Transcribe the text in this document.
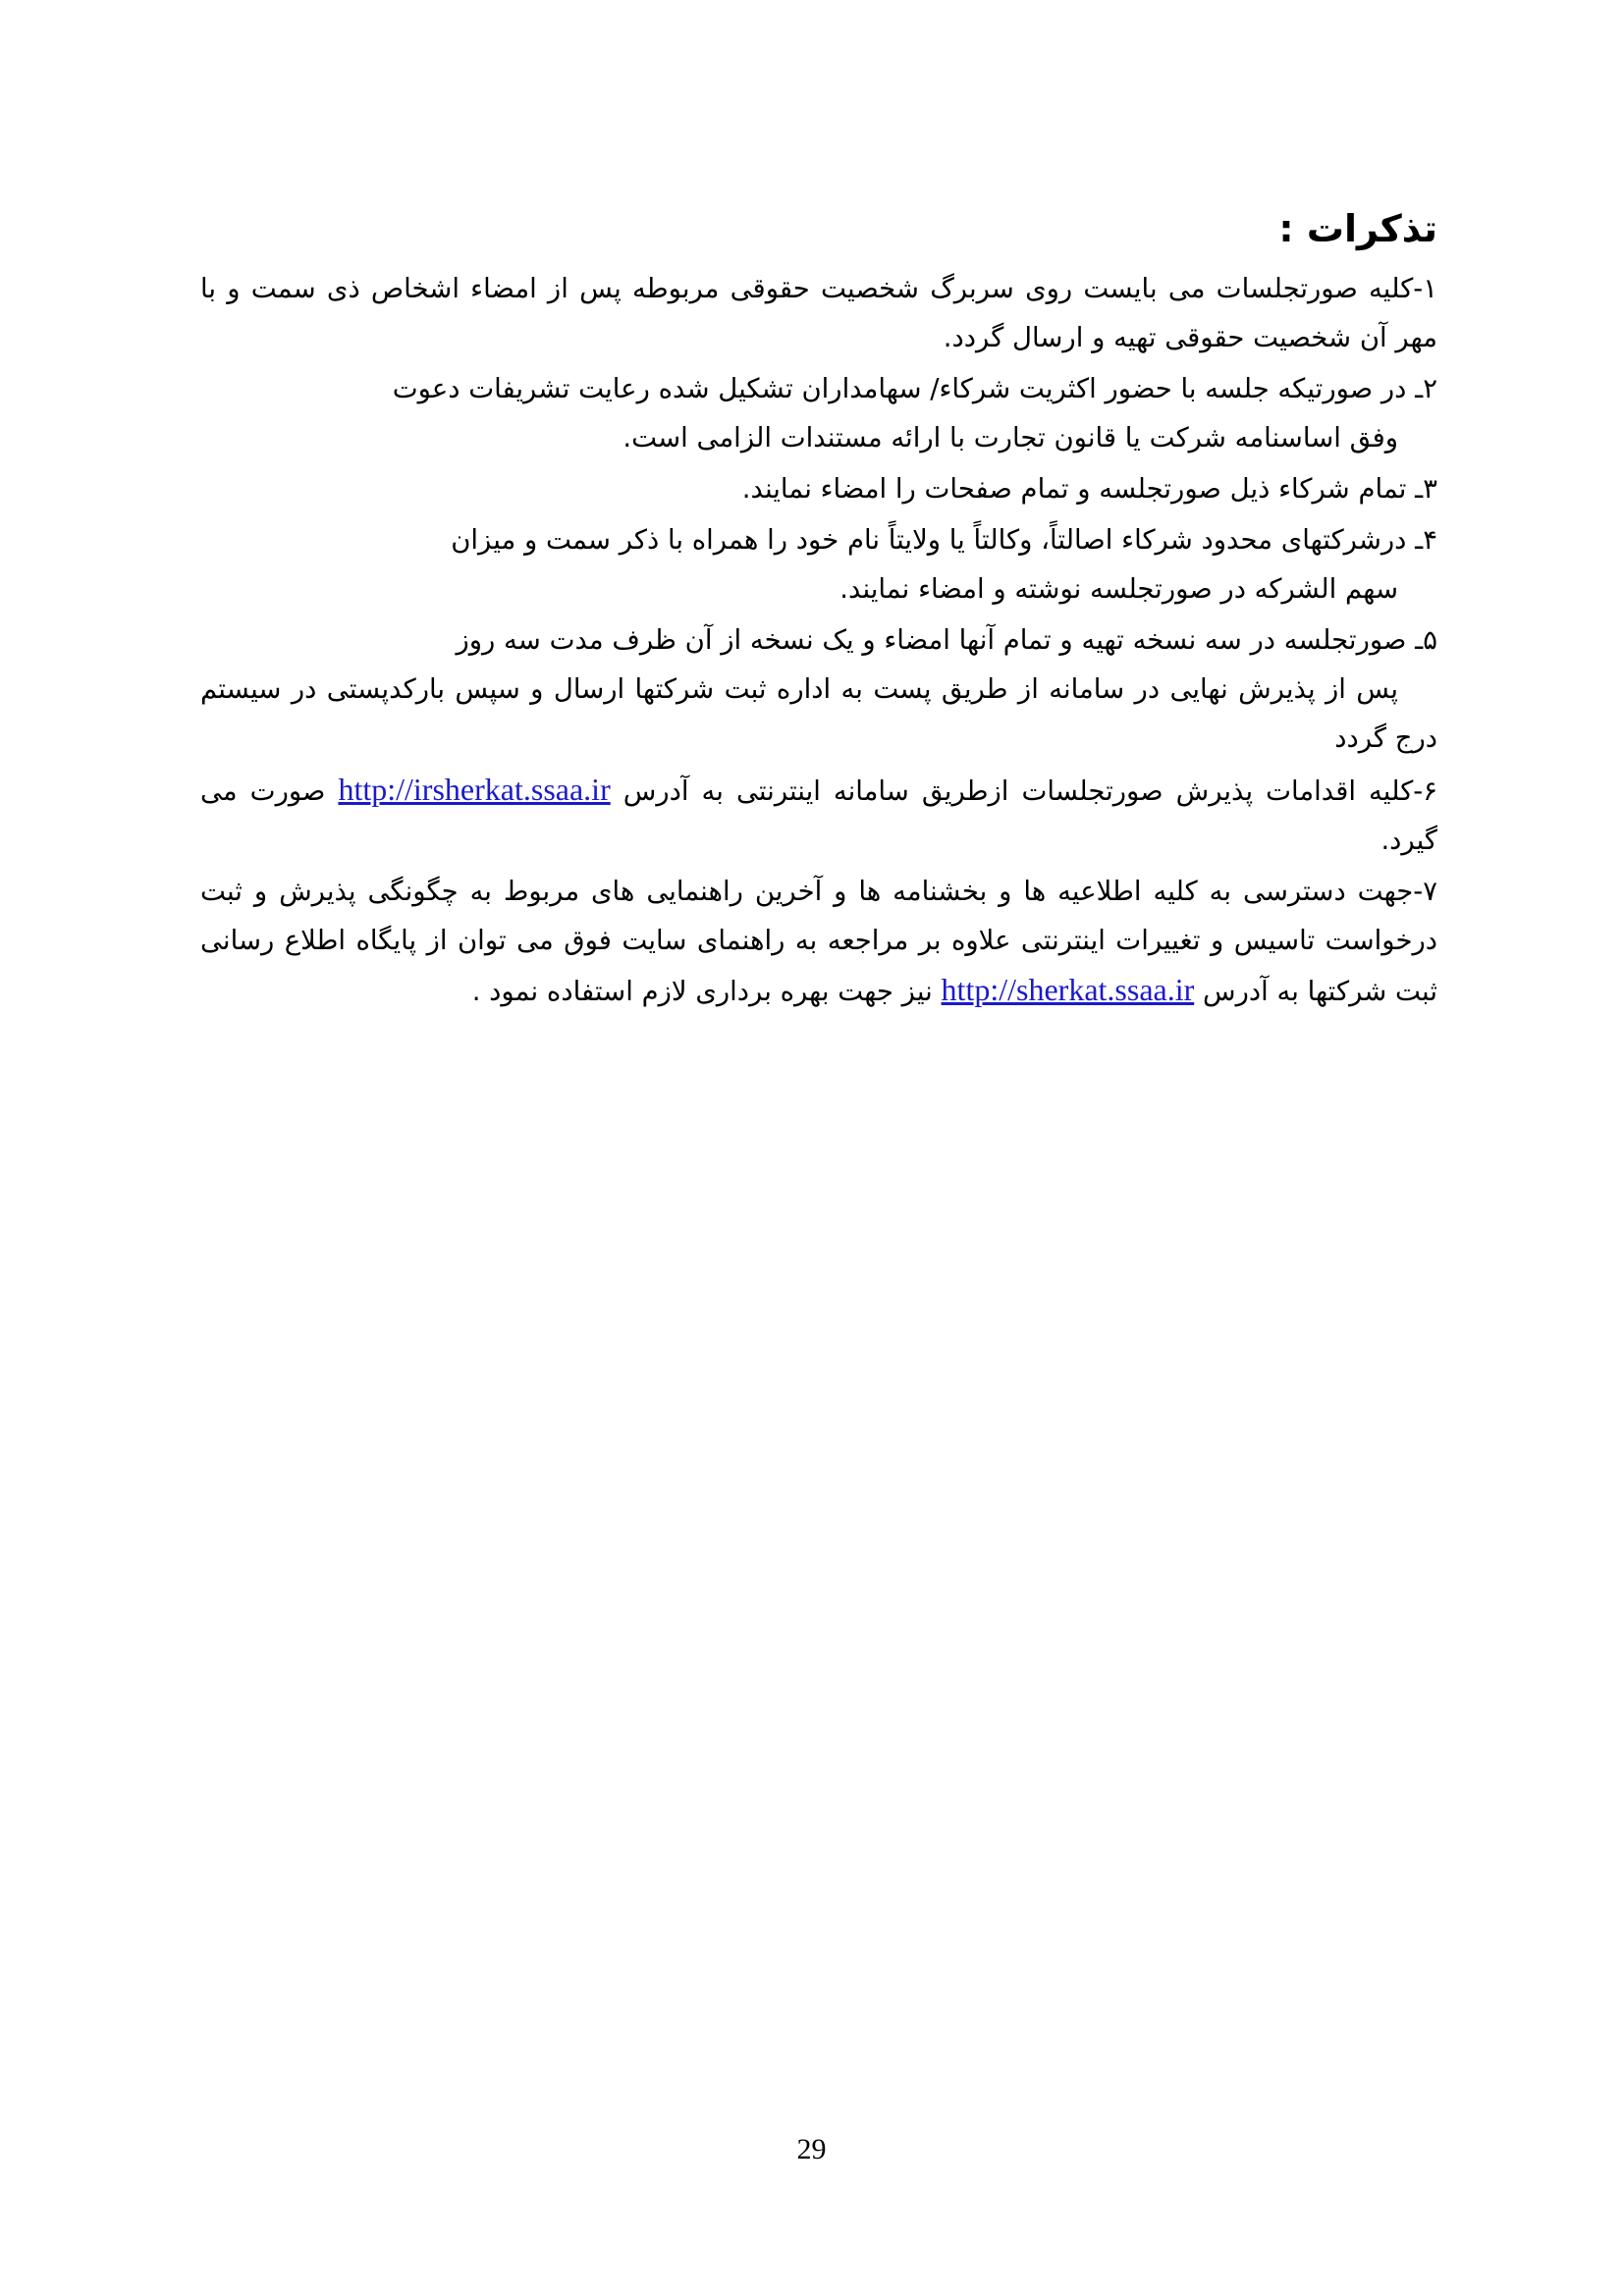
تذکرات :

۱-کلیه صورتجلسات می بایست روی سربرگ شخصیت حقوقی مربوطه پس از امضاء اشخاص ذی سمت و با مهر آن شخصیت حقوقی تهیه و ارسال گردد.

۲ـ در صورتیکه جلسه با حضور اکثریت شرکاء/ سهامداران تشکیل شده رعایت تشریفات دعوت
وفق اساسنامه شرکت یا قانون تجارت با ارائه مستندات الزامی است.

۳ـ تمام شرکاء ذیل صورتجلسه و تمام صفحات را امضاء نمایند.

۴ـ درشرکتهای محدود شرکاء اصالتاً، وکالتاً یا ولایتاً نام خود را همراه با ذکر سمت و میزان
سهم الشرکه در صورتجلسه نوشته و امضاء نمایند.

۵ـ صورتجلسه در سه نسخه تهیه و تمام آنها امضاء و یک نسخه از آن ظرف مدت سه روز
پس از پذیرش نهایی در سامانه از طریق پست به اداره ثبت شرکتها ارسال و سپس بارکدپستی در سیستم درج گردد

۶-کلیه اقدامات پذیرش صورتجلسات ازطریق سامانه اینترنتی به آدرس http://irsherkat.ssaa.ir صورت می گیرد.

۷-جهت دسترسی به کلیه اطلاعیه ها و بخشنامه ها و آخرین راهنمایی های مربوط به چگونگی پذیرش و ثبت درخواست تاسیس و تغییرات اینترنتی علاوه بر مراجعه به راهنمای سایت فوق می توان از پایگاه اطلاع رسانی ثبت شرکتها به آدرس http://sherkat.ssaa.ir نیز جهت بهره برداری لازم استفاده نمود .

29
